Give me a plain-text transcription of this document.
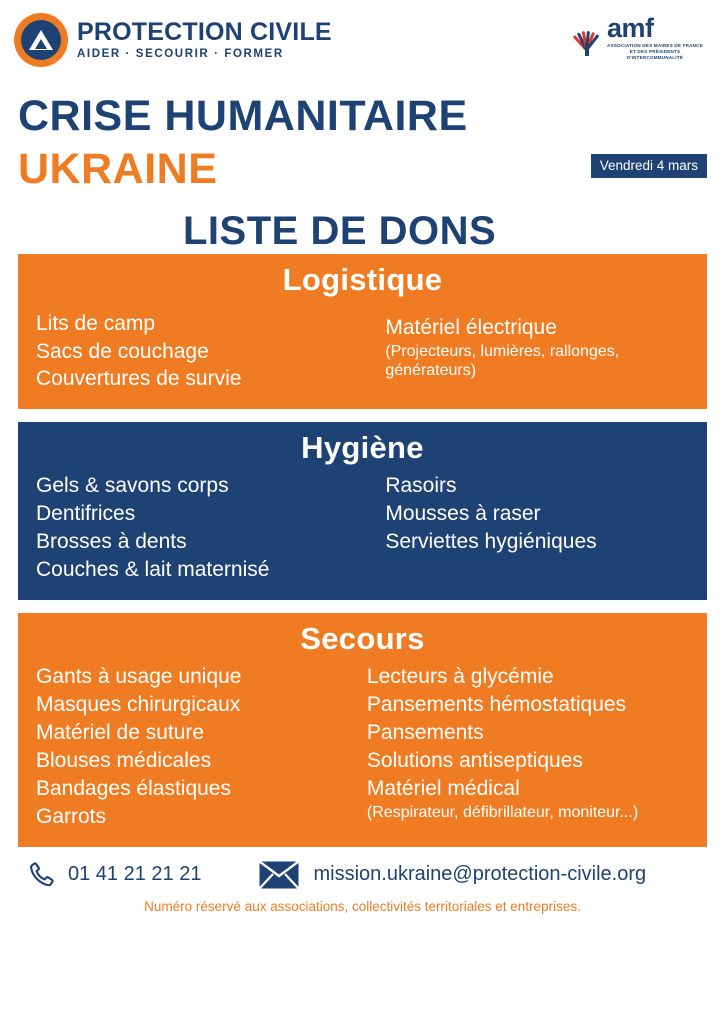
PROTECTION CIVILE
AIDER · SECOURIR · FORMER
amf
ASSOCIATION DES MAIRES DE FRANCE ET DES PRÉSIDENTS D'INTERCOMMUNALITÉ
CRISE HUMANITAIRE
UKRAINE
LISTE DE DONS
Vendredi 4 mars
Logistique
Lits de camp
Sacs de couchage
Couvertures de survie
Matériel électrique
(Projecteurs, lumières, rallonges, générateurs)
Hygiène
Gels & savons corps
Dentifrices
Brosses à dents
Couches & lait maternisé
Rasoirs
Mousses à raser
Serviettes hygiéniques
Secours
Gants à usage unique
Masques chirurgicaux
Matériel de suture
Blouses médicales
Bandages élastiques
Garrots
Lecteurs à glycémie
Pansements hémostatiques
Pansements
Solutions antiseptiques
Matériel médical
(Respirateur, défibrillateur, moniteur...)
01 41 21 21 21	mission.ukraine@protection-civile.org
Numéro réservé aux associations, collectivités territoriales et entreprises.
